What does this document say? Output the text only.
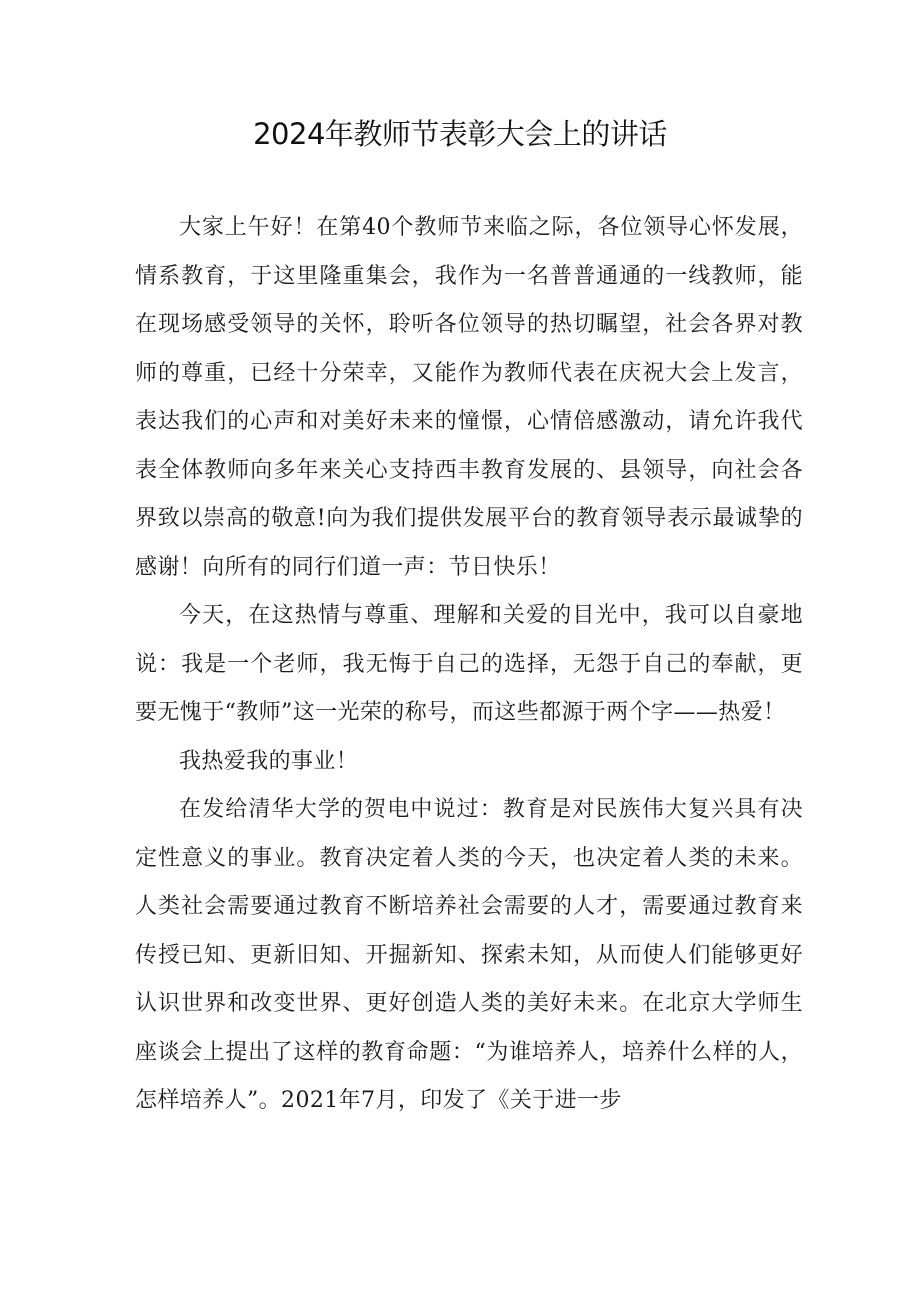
2024年教师节表彰大会上的讲话

大家上午好！在第40个教师节来临之际，各位领导心怀发展，情系教育，于这里隆重集会，我作为一名普普通通的一线教师，能在现场感受领导的关怀，聆听各位领导的热切瞩望，社会各界对教师的尊重，已经十分荣幸，又能作为教师代表在庆祝大会上发言，表达我们的心声和对美好未来的憧憬，心情倍感激动，请允许我代表全体教师向多年来关心支持西丰教育发展的、县领导，向社会各界致以崇高的敬意!向为我们提供发展平台的教育领导表示最诚挚的感谢！向所有的同行们道一声：节日快乐！

今天，在这热情与尊重、理解和关爱的目光中，我可以自豪地说：我是一个老师，我无悔于自己的选择，无怨于自己的奉献，更要无愧于“教师”这一光荣的称号，而这些都源于两个字——热爱！

我热爱我的事业！

在发给清华大学的贺电中说过：教育是对民族伟大复兴具有决定性意义的事业。教育决定着人类的今天，也决定着人类的未来。人类社会需要通过教育不断培养社会需要的人才，需要通过教育来传授已知、更新旧知、开掘新知、探索未知，从而使人们能够更好认识世界和改变世界、更好创造人类的美好未来。在北京大学师生座谈会上提出了这样的教育命题：“为谁培养人，培养什么样的人，怎样培养人”。2021年7月，印发了《关于进一步
